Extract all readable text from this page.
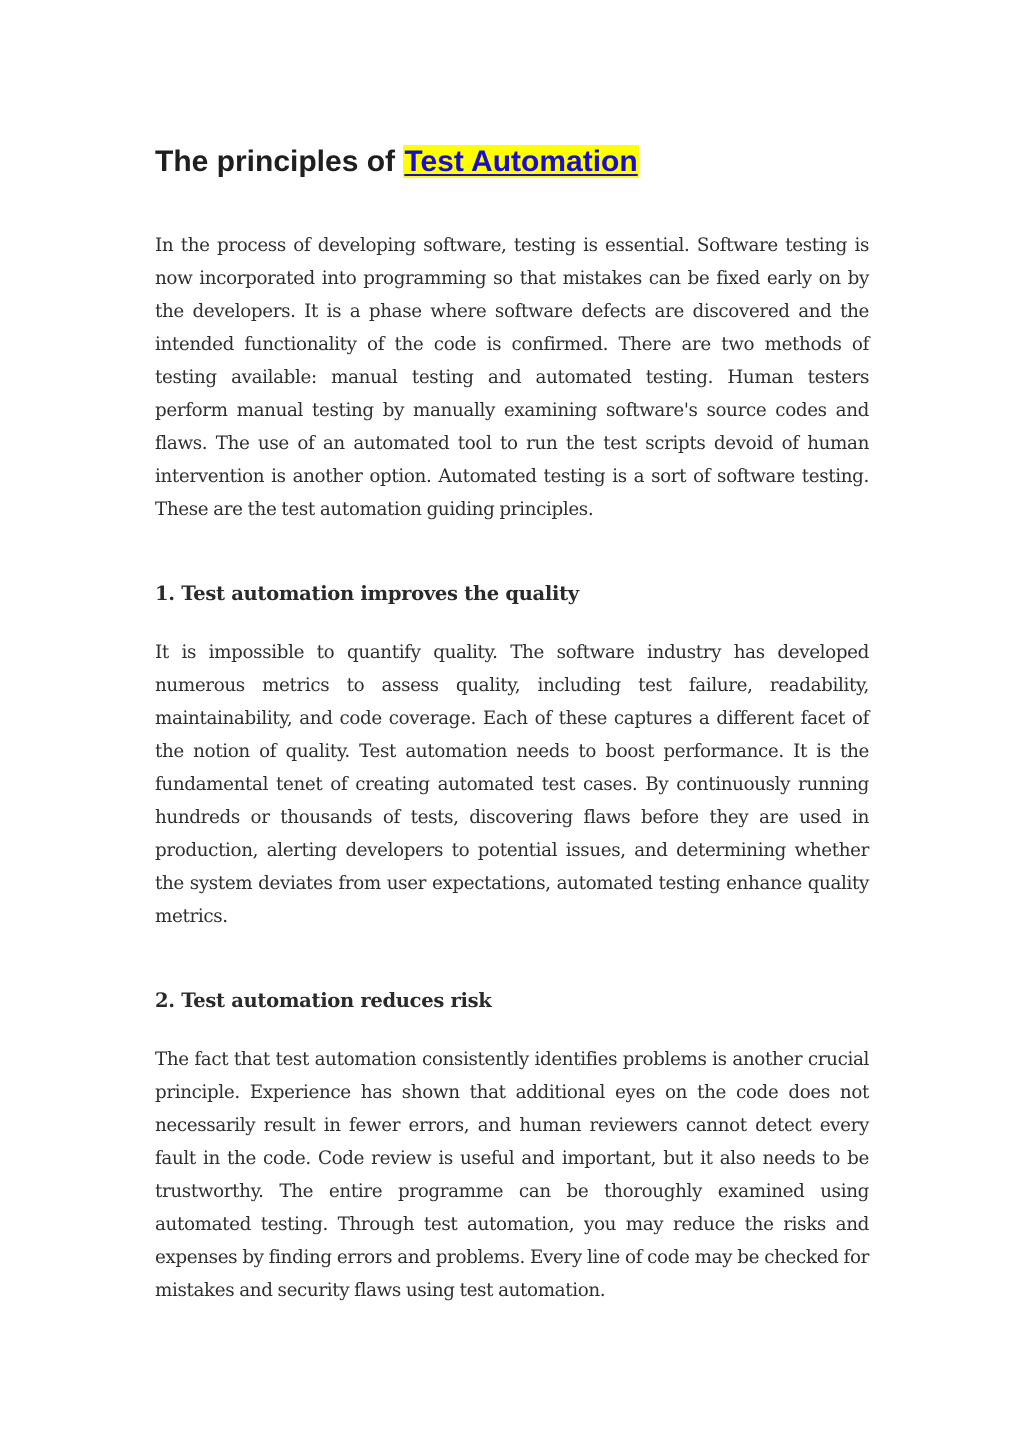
The principles of Test Automation

In the process of developing software, testing is essential. Software testing is now incorporated into programming so that mistakes can be fixed early on by the developers. It is a phase where software defects are discovered and the intended functionality of the code is confirmed. There are two methods of testing available: manual testing and automated testing. Human testers perform manual testing by manually examining software's source codes and flaws. The use of an automated tool to run the test scripts devoid of human intervention is another option. Automated testing is a sort of software testing. These are the test automation guiding principles.

1. Test automation improves the quality

It is impossible to quantify quality. The software industry has developed numerous metrics to assess quality, including test failure, readability, maintainability, and code coverage. Each of these captures a different facet of the notion of quality. Test automation needs to boost performance. It is the fundamental tenet of creating automated test cases. By continuously running hundreds or thousands of tests, discovering flaws before they are used in production, alerting developers to potential issues, and determining whether the system deviates from user expectations, automated testing enhance quality metrics.

2. Test automation reduces risk

The fact that test automation consistently identifies problems is another crucial principle. Experience has shown that additional eyes on the code does not necessarily result in fewer errors, and human reviewers cannot detect every fault in the code. Code review is useful and important, but it also needs to be trustworthy. The entire programme can be thoroughly examined using automated testing. Through test automation, you may reduce the risks and expenses by finding errors and problems. Every line of code may be checked for mistakes and security flaws using test automation.
